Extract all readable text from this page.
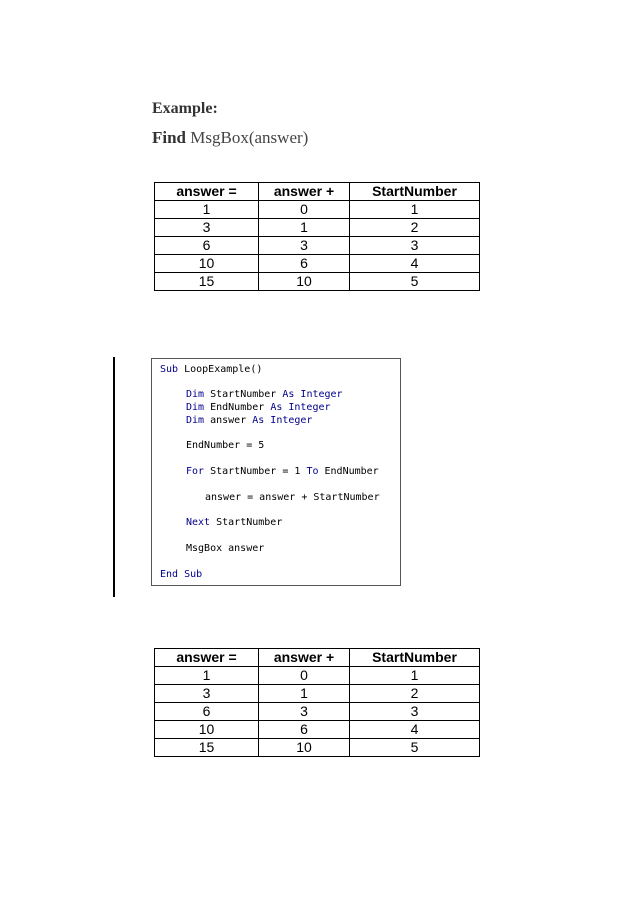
Example:
Find MsgBox(answer)
answer =	answer +	StartNumber
1	0	1
3	1	2
6	3	3
10	6	4
15	10	5
Sub LoopExample()
Dim StartNumber As Integer
Dim EndNumber As Integer
Dim answer As Integer
EndNumber = 5
For StartNumber = 1 To EndNumber
answer = answer + StartNumber
Next StartNumber
MsgBox answer
End Sub
answer =	answer +	StartNumber
1	0	1
3	1	2
6	3	3
10	6	4
15	10	5
